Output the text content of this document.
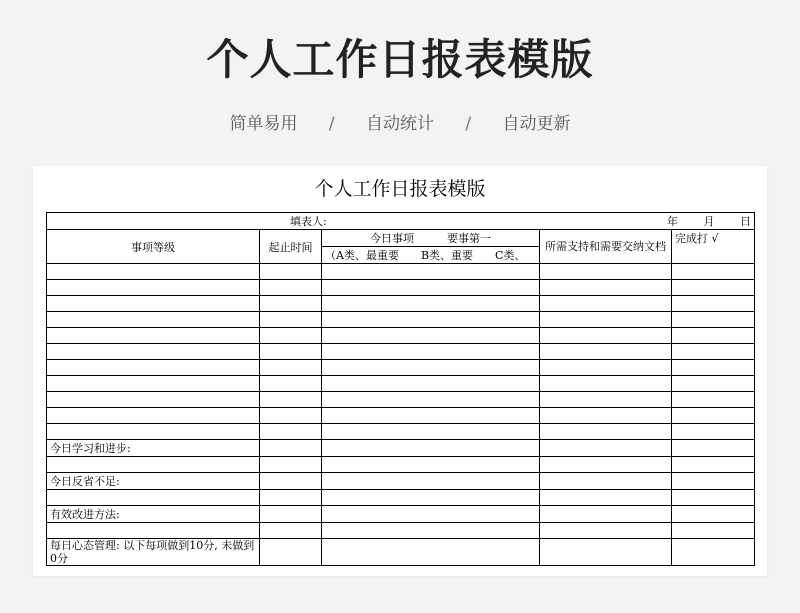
个人工作日报表模版
简单易用 / 自动统计 / 自动更新
个人工作日报表模版
填表人: 年 月 日				

事项等级	起止时间	今日事项　　　要事第一	所需支持和需要交纳文档	完成打 √
		（A类、最重要　　B类、重要　　C类、		

今日学习和进步:				

今日反省不足:				

有效改进方法:				

每日心态管理: 以下每项做到10分, 未做到0分				
